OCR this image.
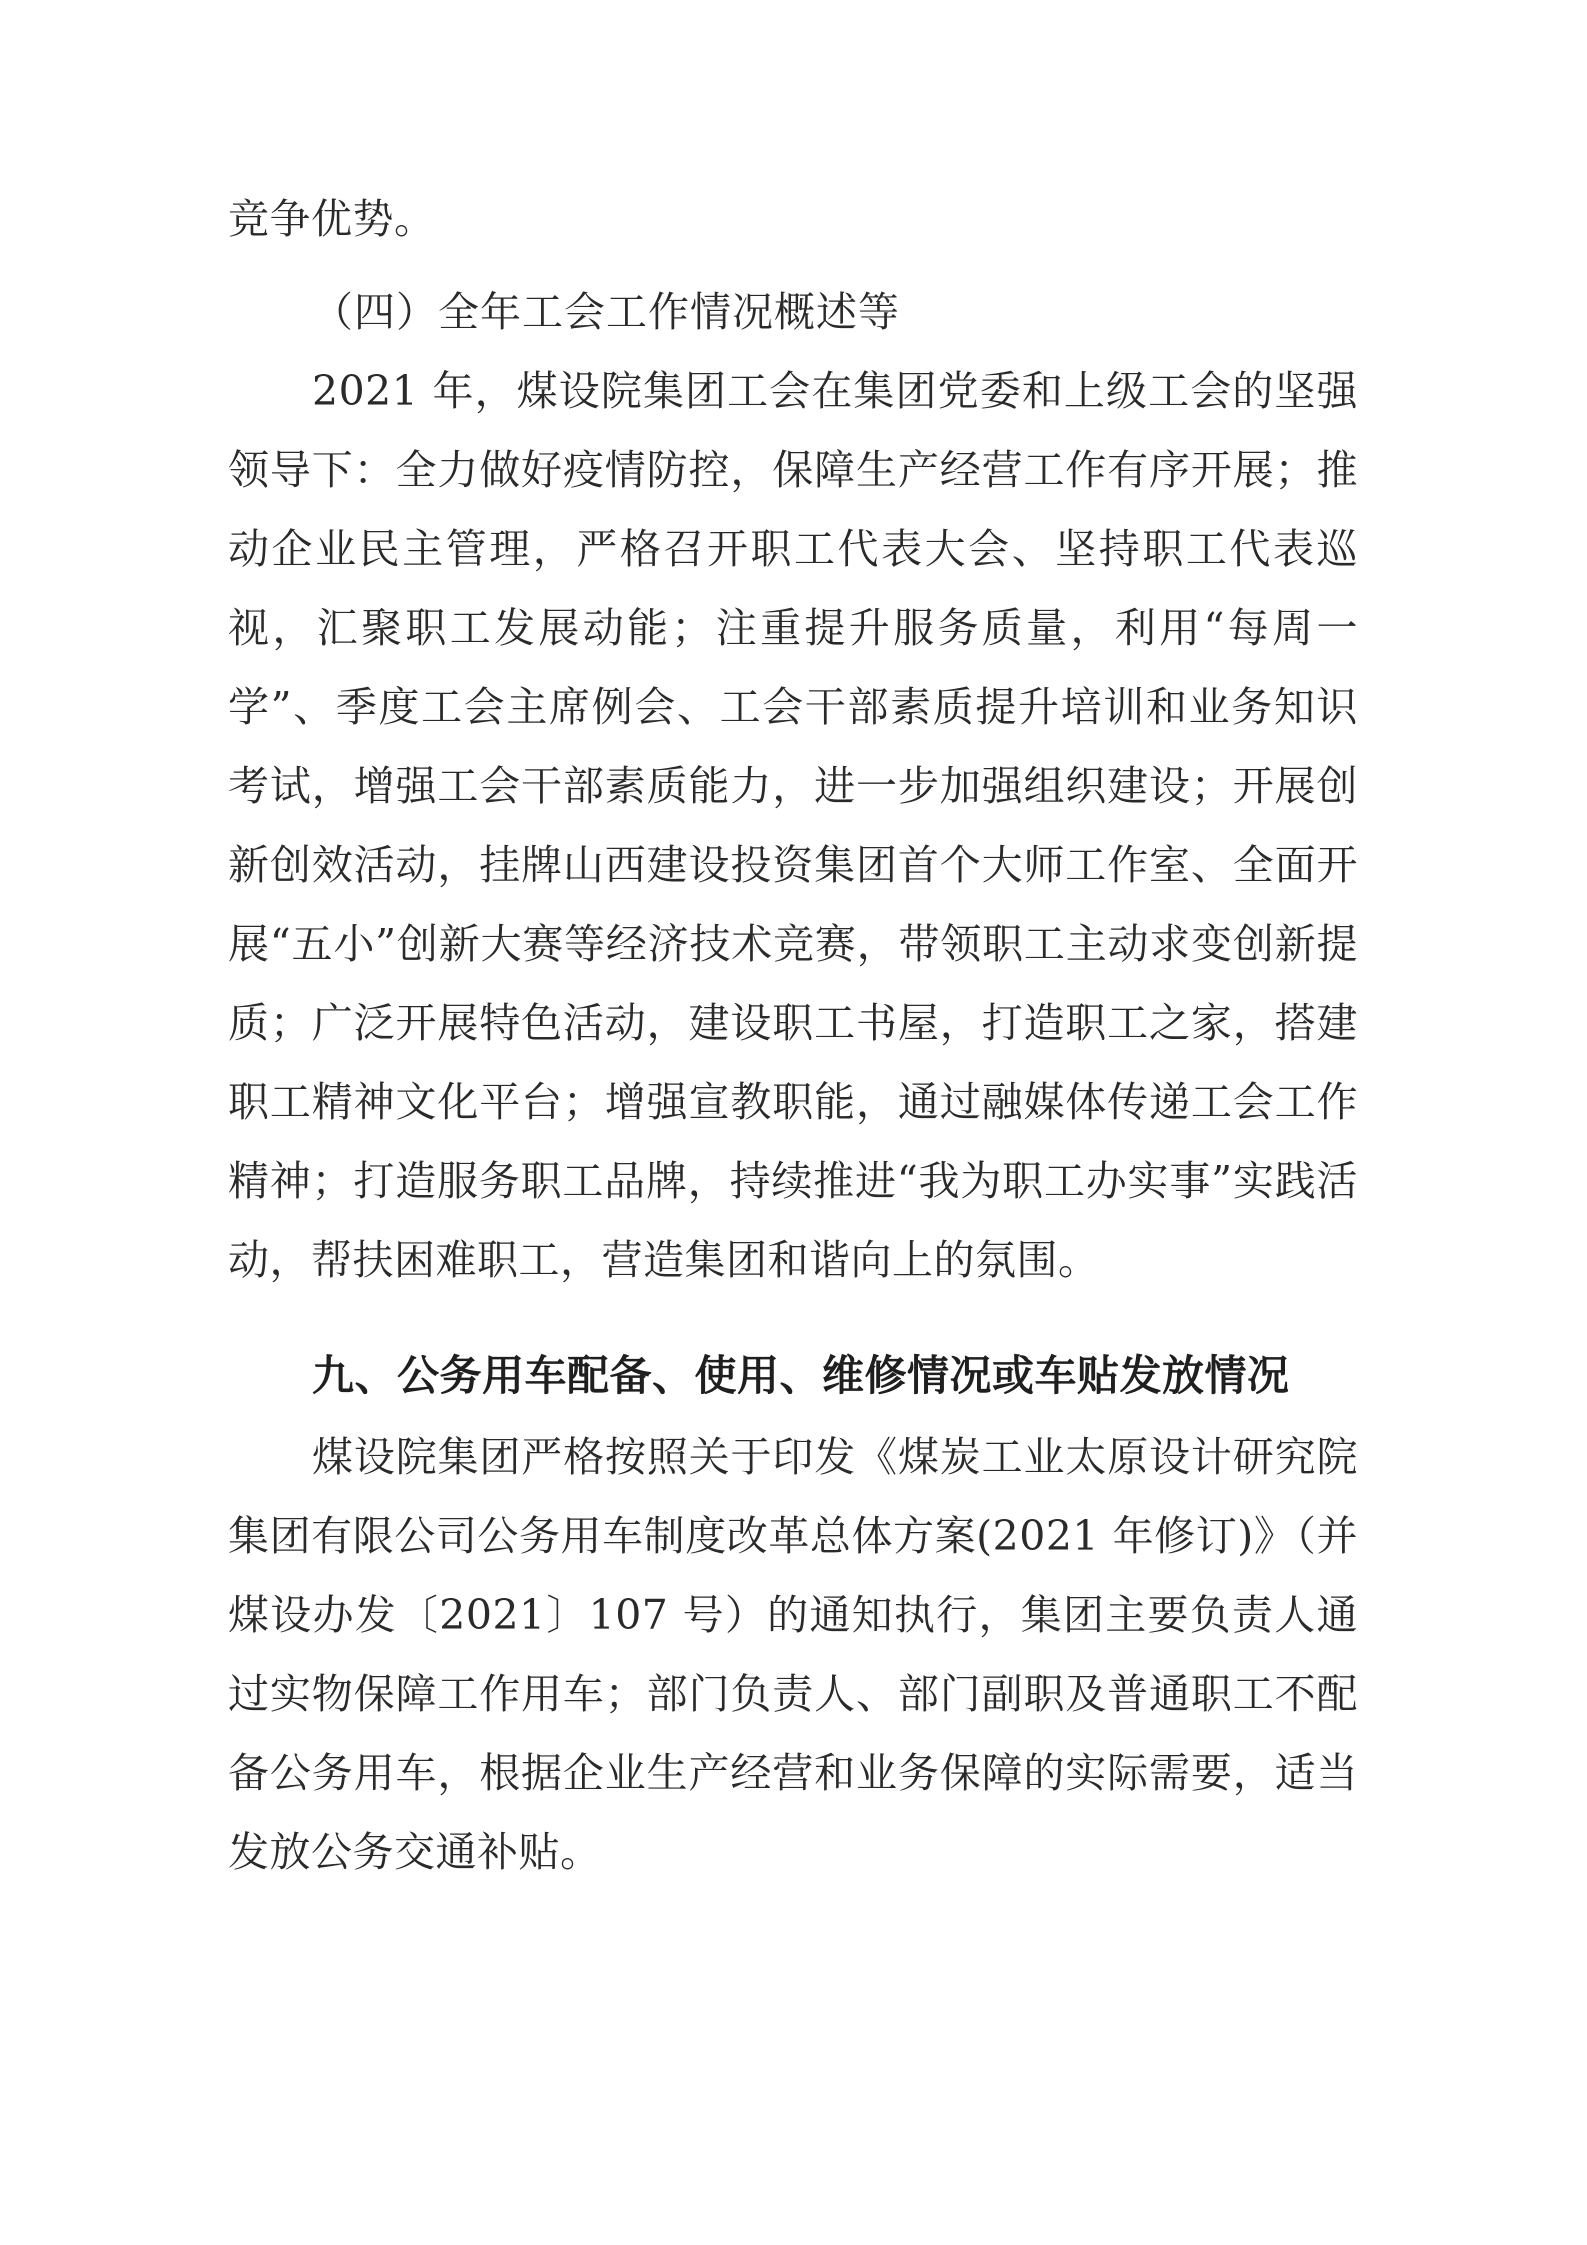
竞争优势。

（四）全年工会工作情况概述等

2021 年，煤设院集团工会在集团党委和上级工会的坚强领导下：全力做好疫情防控，保障生产经营工作有序开展；推动企业民主管理，严格召开职工代表大会、坚持职工代表巡视，汇聚职工发展动能；注重提升服务质量，利用“每周一学”、季度工会主席例会、工会干部素质提升培训和业务知识考试，增强工会干部素质能力，进一步加强组织建设；开展创新创效活动，挂牌山西建设投资集团首个大师工作室、全面开展“五小”创新大赛等经济技术竞赛，带领职工主动求变创新提质；广泛开展特色活动，建设职工书屋，打造职工之家，搭建职工精神文化平台；增强宣教职能，通过融媒体传递工会工作精神；打造服务职工品牌，持续推进“我为职工办实事”实践活动，帮扶困难职工，营造集团和谐向上的氛围。

九、公务用车配备、使用、维修情况或车贴发放情况

煤设院集团严格按照关于印发《煤炭工业太原设计研究院集团有限公司公务用车制度改革总体方案(2021 年修订)》（并煤设办发〔2021〕107 号）的通知执行，集团主要负责人通过实物保障工作用车；部门负责人、部门副职及普通职工不配备公务用车，根据企业生产经营和业务保障的实际需要，适当发放公务交通补贴。
